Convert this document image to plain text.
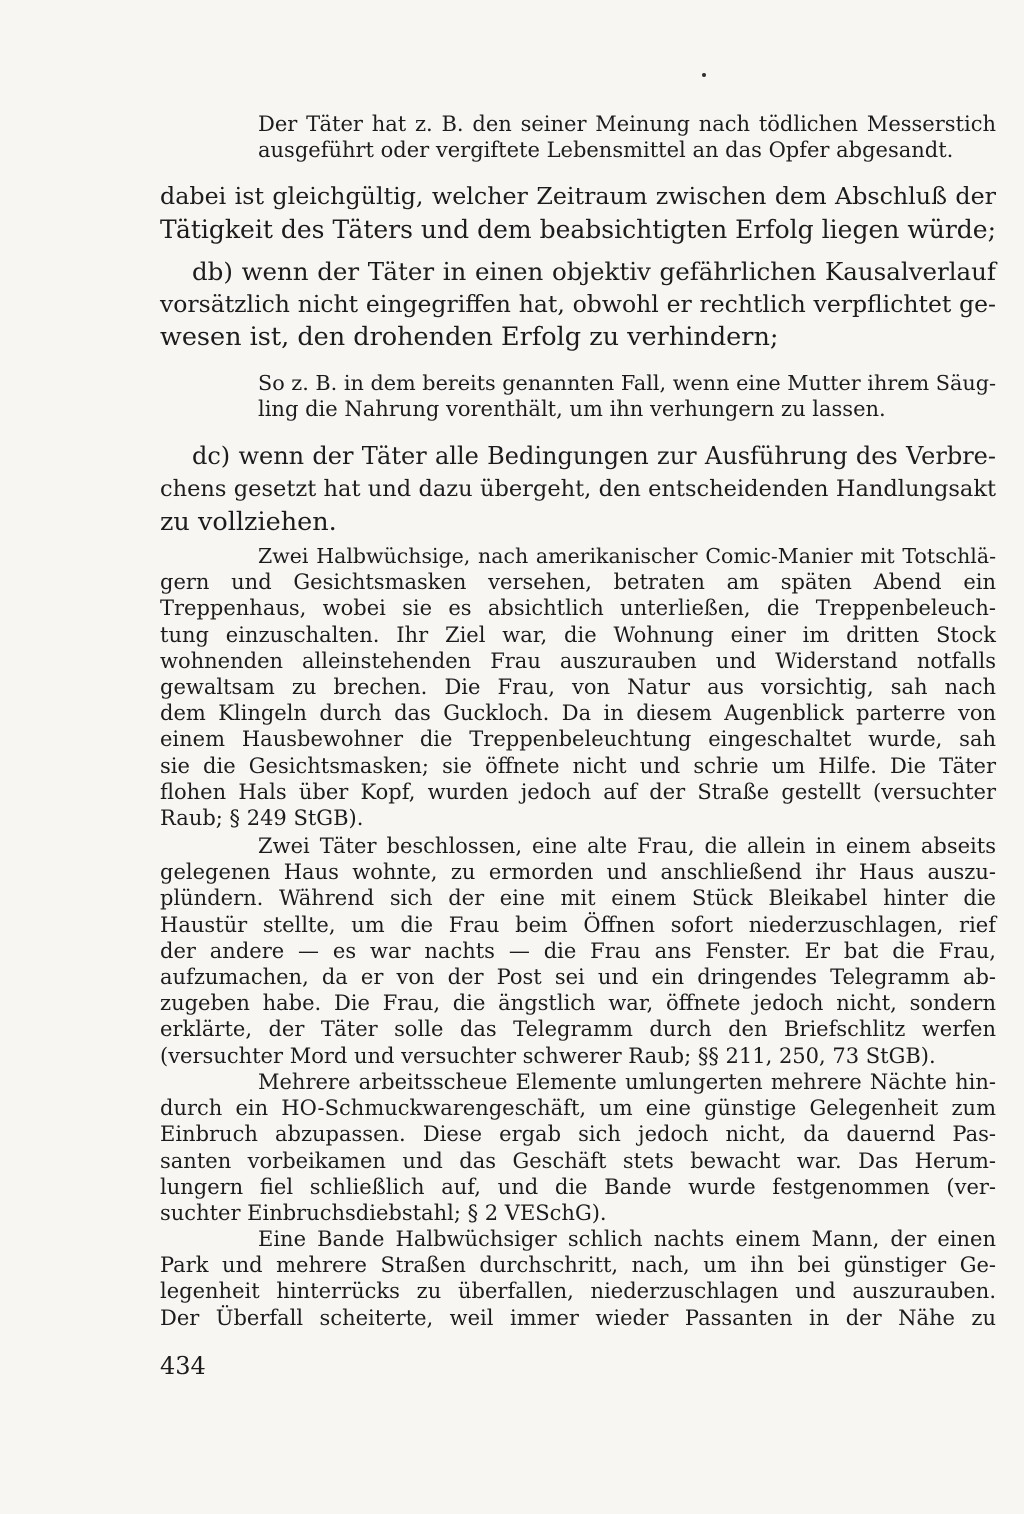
Der Täter hat z. B. den seiner Meinung nach tödlichen Messerstich
ausgeführt oder vergiftete Lebensmittel an das Opfer abgesandt.
dabei ist gleichgültig, welcher Zeitraum zwischen dem Abschluß der
Tätigkeit des Täters und dem beabsichtigten Erfolg liegen würde;
db) wenn der Täter in einen objektiv gefährlichen Kausalverlauf
vorsätzlich nicht eingegriffen hat, obwohl er rechtlich verpflichtet ge-
wesen ist, den drohenden Erfolg zu verhindern;
So z. B. in dem bereits genannten Fall, wenn eine Mutter ihrem Säug-
ling die Nahrung vorenthält, um ihn verhungern zu lassen.
dc) wenn der Täter alle Bedingungen zur Ausführung des Verbre-
chens gesetzt hat und dazu übergeht, den entscheidenden Handlungsakt
zu vollziehen.
Zwei Halbwüchsige, nach amerikanischer Comic-Manier mit Totschlä-
gern und Gesichtsmasken versehen, betraten am späten Abend ein
Treppenhaus, wobei sie es absichtlich unterließen, die Treppenbeleuch-
tung einzuschalten. Ihr Ziel war, die Wohnung einer im dritten Stock
wohnenden alleinstehenden Frau auszurauben und Widerstand notfalls
gewaltsam zu brechen. Die Frau, von Natur aus vorsichtig, sah nach
dem Klingeln durch das Guckloch. Da in diesem Augenblick parterre von
einem Hausbewohner die Treppenbeleuchtung eingeschaltet wurde, sah
sie die Gesichtsmasken; sie öffnete nicht und schrie um Hilfe. Die Täter
flohen Hals über Kopf, wurden jedoch auf der Straße gestellt (versuchter
Raub; § 249 StGB).
Zwei Täter beschlossen, eine alte Frau, die allein in einem abseits
gelegenen Haus wohnte, zu ermorden und anschließend ihr Haus auszu-
plündern. Während sich der eine mit einem Stück Bleikabel hinter die
Haustür stellte, um die Frau beim Öffnen sofort niederzuschlagen, rief
der andere — es war nachts — die Frau ans Fenster. Er bat die Frau,
aufzumachen, da er von der Post sei und ein dringendes Telegramm ab-
zugeben habe. Die Frau, die ängstlich war, öffnete jedoch nicht, sondern
erklärte, der Täter solle das Telegramm durch den Briefschlitz werfen
(versuchter Mord und versuchter schwerer Raub; §§ 211, 250, 73 StGB).
Mehrere arbeitsscheue Elemente umlungerten mehrere Nächte hin-
durch ein HO-Schmuckwarengeschäft, um eine günstige Gelegenheit zum
Einbruch abzupassen. Diese ergab sich jedoch nicht, da dauernd Pas-
santen vorbeikamen und das Geschäft stets bewacht war. Das Herum-
lungern fiel schließlich auf, und die Bande wurde festgenommen (ver-
suchter Einbruchsdiebstahl; § 2 VESchG).
Eine Bande Halbwüchsiger schlich nachts einem Mann, der einen
Park und mehrere Straßen durchschritt, nach, um ihn bei günstiger Ge-
legenheit hinterrücks zu überfallen, niederzuschlagen und auszurauben.
Der Überfall scheiterte, weil immer wieder Passanten in der Nähe zu
434
